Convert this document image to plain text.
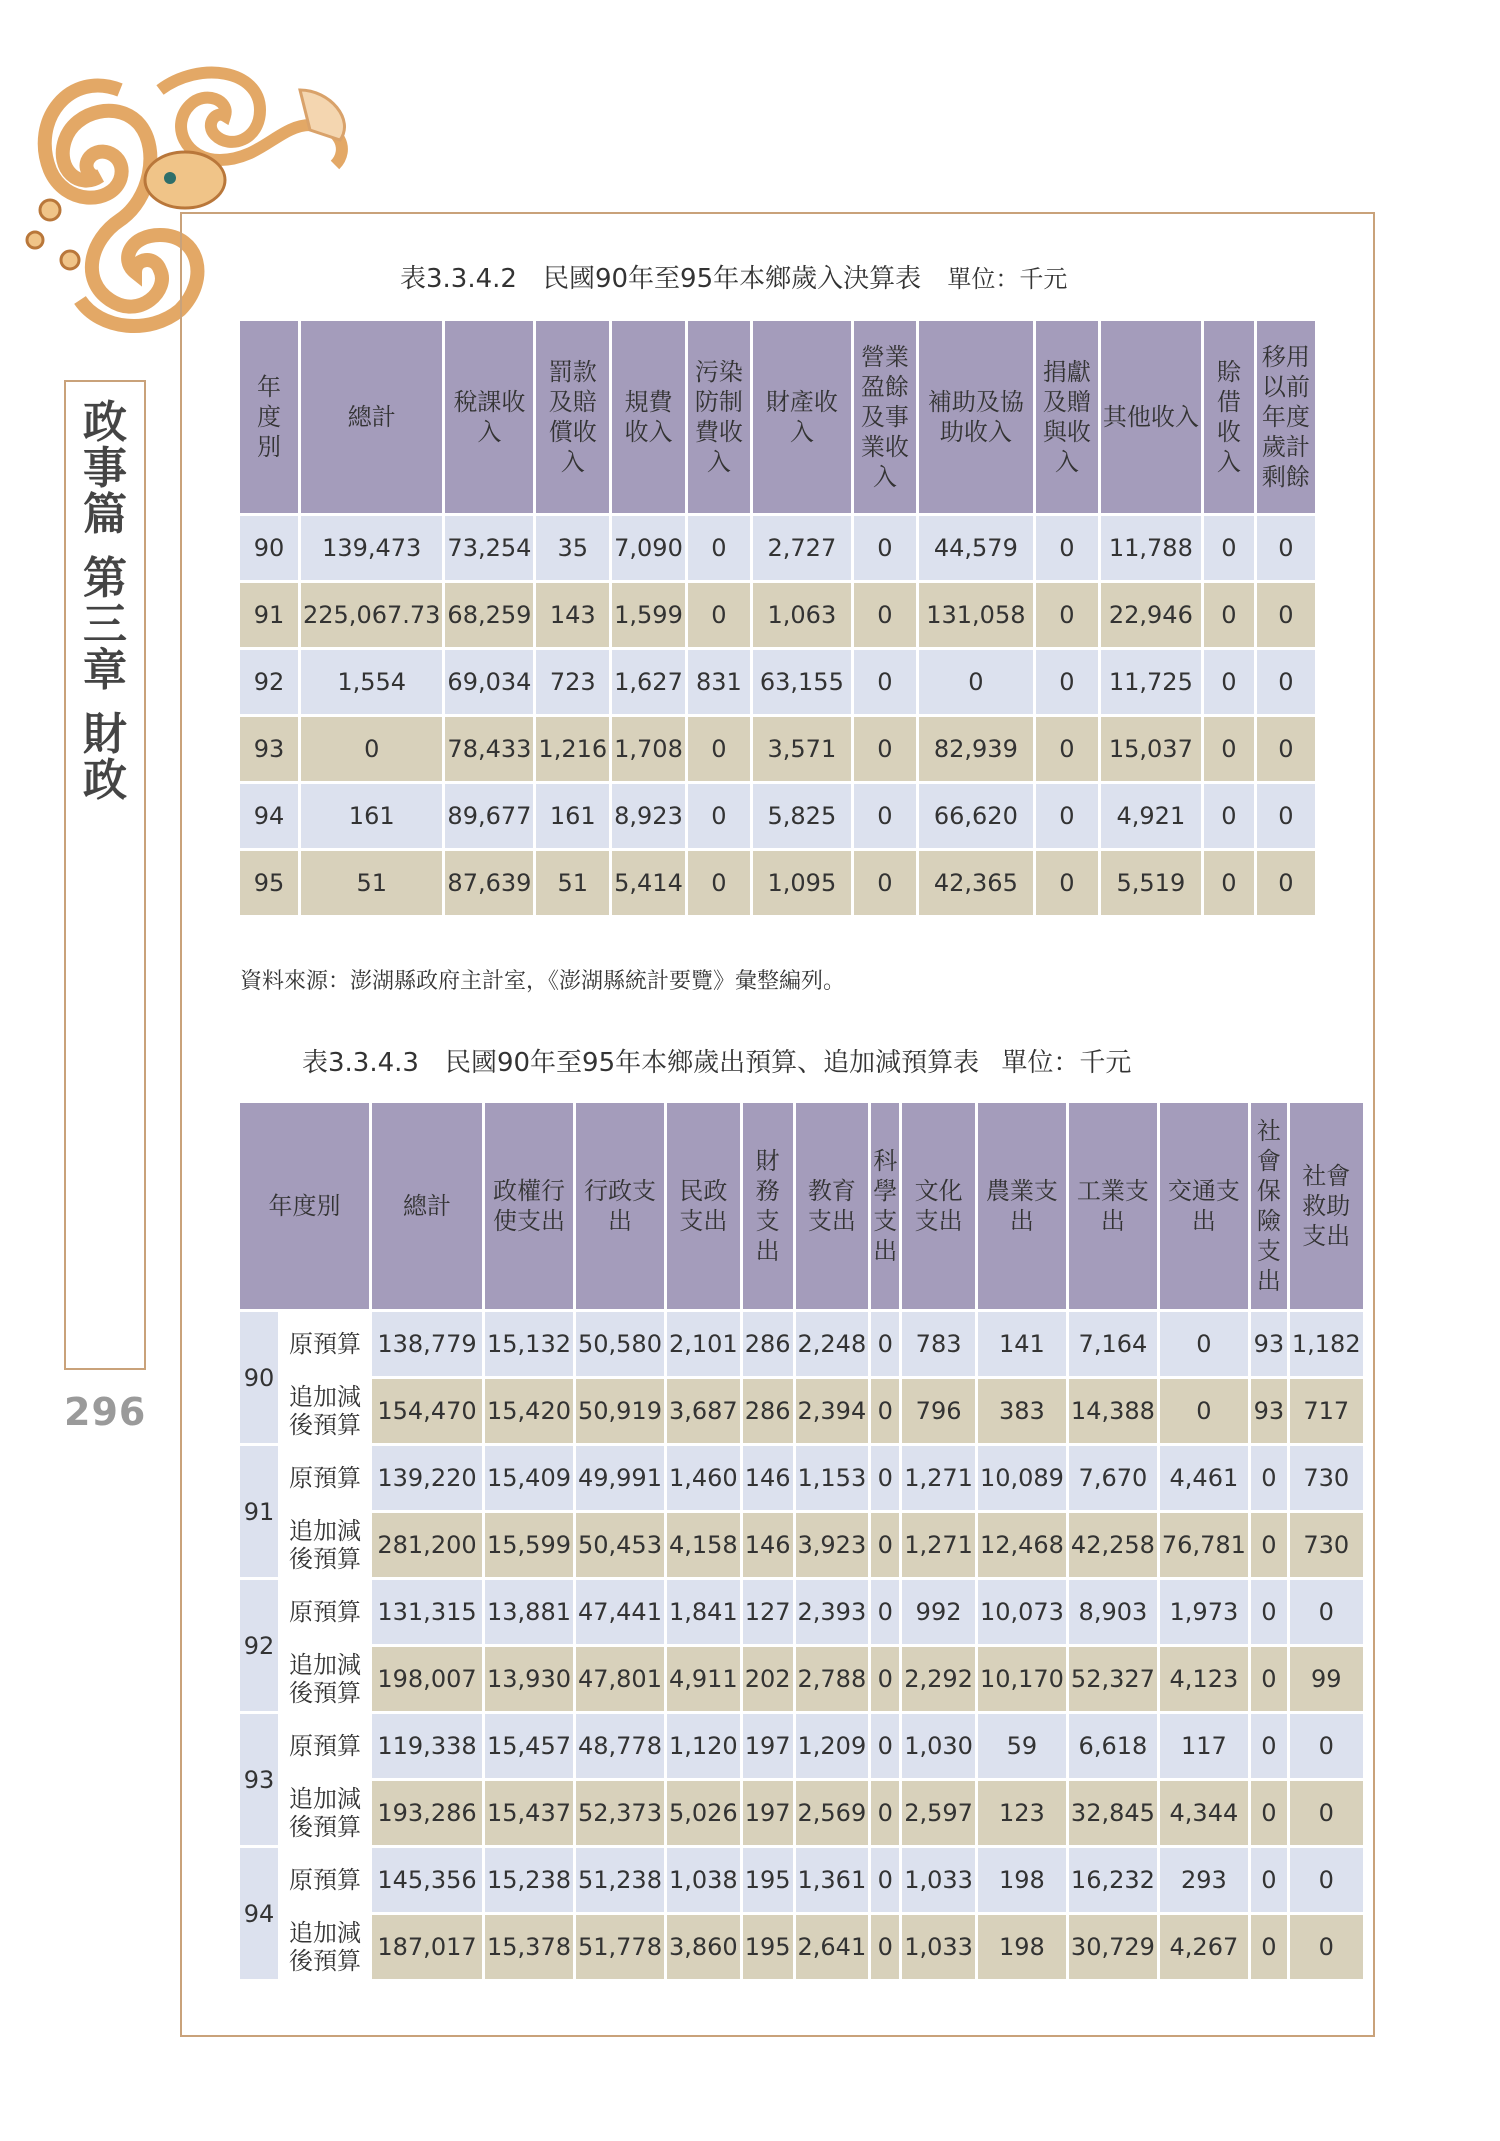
政事篇
第三章
財政
296
表3.3.4.2　民國90年至95年本鄉歲入決算表 單位：千元
年度別	總計	稅課收入	罰款及賠償收入	規費收入	污染防制費收入	財產收入	營業盈餘及事業收入	補助及協助收入	捐獻及贈與收入	其他收入	賒借收入	移用以前年度歲計剩餘
90	139,473	73,254	35	7,090	0	2,727	0	44,579	0	11,788	0	0
91	225,067.73	68,259	143	1,599	0	1,063	0	131,058	0	22,946	0	0
92	1,554	69,034	723	1,627	831	63,155	0	0	0	11,725	0	0
93	0	78,433	1,216	1,708	0	3,571	0	82,939	0	15,037	0	0
94	161	89,677	161	8,923	0	5,825	0	66,620	0	4,921	0	0
95	51	87,639	51	5,414	0	1,095	0	42,365	0	5,519	0	0
資料來源：澎湖縣政府主計室，《澎湖縣統計要覽》彙整編列。
表3.3.4.3　民國90年至95年本鄉歲出預算、追加減預算表 單位：千元
年度別		總計	政權行使支出	行政支出	民政支出	財務支出	教育支出	科學支出	文化支出	農業支出	工業支出	交通支出	社會保險支出	社會救助支出
90	原預算	138,779	15,132	50,580	2,101	286	2,248	0	783	141	7,164	0	93	1,182
	追加減後預算	154,470	15,420	50,919	3,687	286	2,394	0	796	383	14,388	0	93	717
91	原預算	139,220	15,409	49,991	1,460	146	1,153	0	1,271	10,089	7,670	4,461	0	730
	追加減後預算	281,200	15,599	50,453	4,158	146	3,923	0	1,271	12,468	42,258	76,781	0	730
92	原預算	131,315	13,881	47,441	1,841	127	2,393	0	992	10,073	8,903	1,973	0	0
	追加減後預算	198,007	13,930	47,801	4,911	202	2,788	0	2,292	10,170	52,327	4,123	0	99
93	原預算	119,338	15,457	48,778	1,120	197	1,209	0	1,030	59	6,618	117	0	0
	追加減後預算	193,286	15,437	52,373	5,026	197	2,569	0	2,597	123	32,845	4,344	0	0
94	原預算	145,356	15,238	51,238	1,038	195	1,361	0	1,033	198	16,232	293	0	0
	追加減後預算	187,017	15,378	51,778	3,860	195	2,641	0	1,033	198	30,729	4,267	0	0
